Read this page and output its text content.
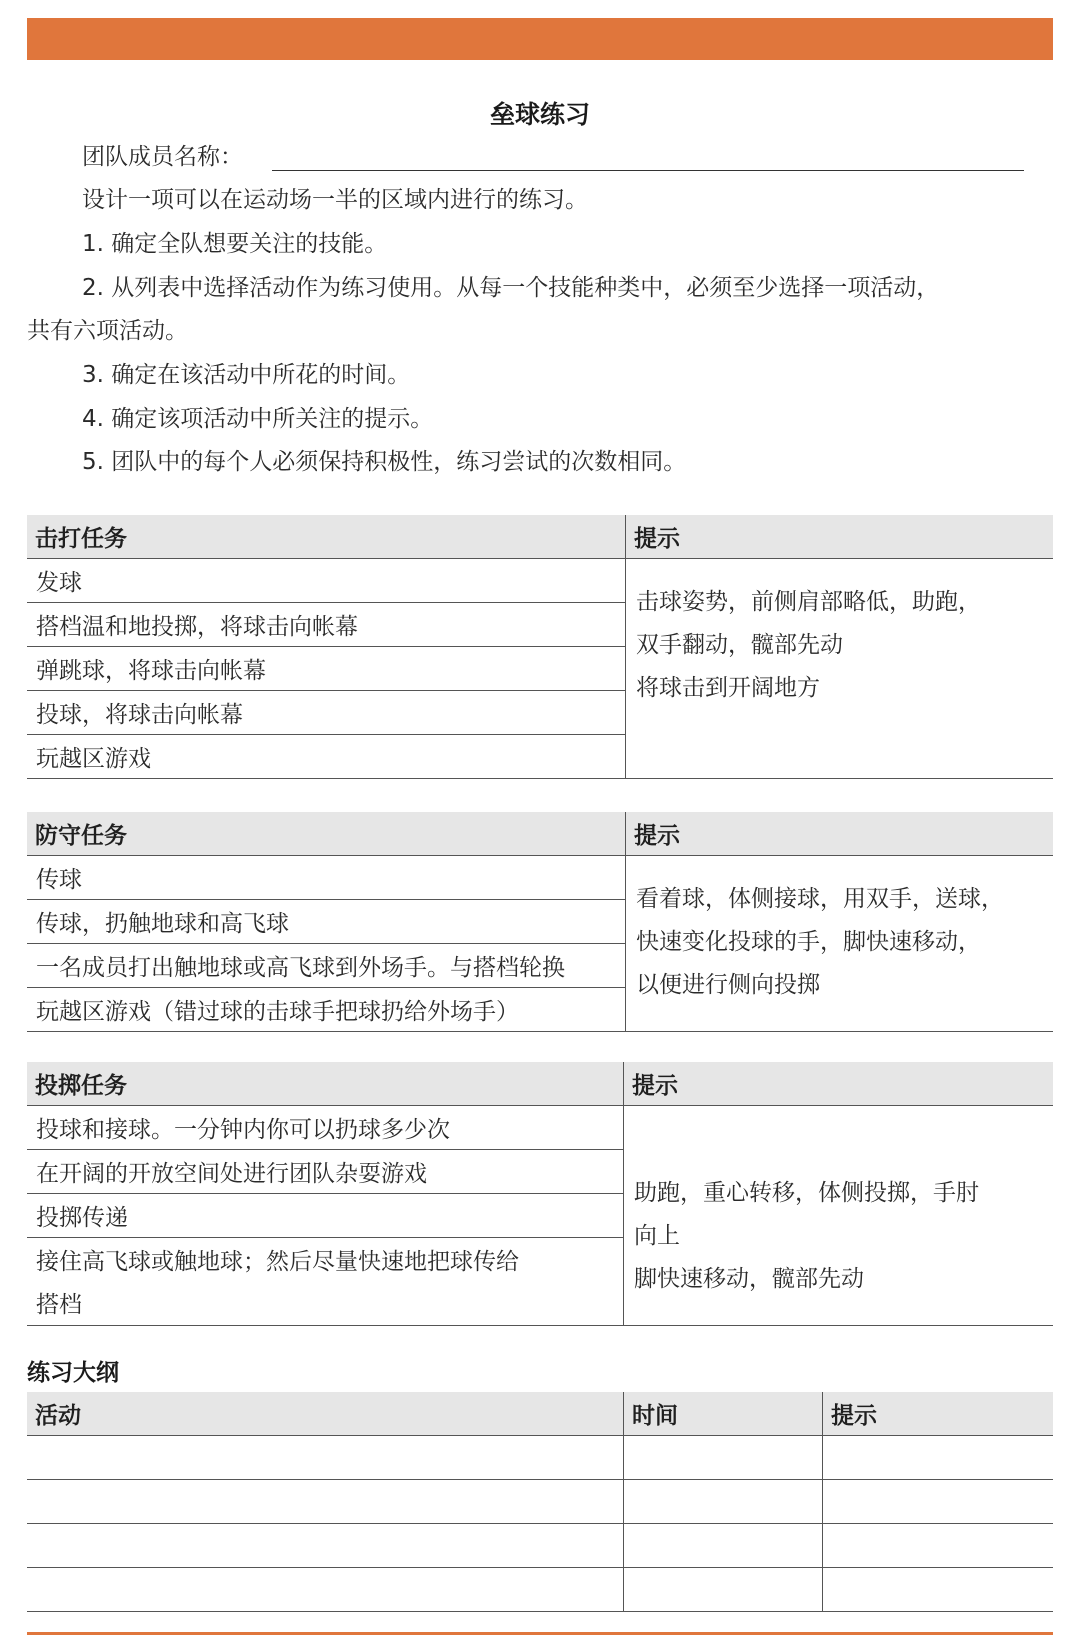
垒球练习
团队成员名称：
设计一项可以在运动场一半的区域内进行的练习。
1. 确定全队想要关注的技能。
2. 从列表中选择活动作为练习使用。从每一个技能种类中，必须至少选择一项活动，
共有六项活动。
3. 确定在该活动中所花的时间。
4. 确定该项活动中所关注的提示。
5. 团队中的每个人必须保持积极性，练习尝试的次数相同。
击打任务	提示
发球
搭档温和地投掷，将球击向帐幕
弹跳球，将球击向帐幕
投球，将球击向帐幕
玩越区游戏
击球姿势，前侧肩部略低，助跑，
双手翻动，髋部先动
将球击到开阔地方
防守任务	提示
传球
传球，扔触地球和高飞球
一名成员打出触地球或高飞球到外场手。与搭档轮换
玩越区游戏（错过球的击球手把球扔给外场手）
看着球，体侧接球，用双手，送球，
快速变化投球的手，脚快速移动，
以便进行侧向投掷
投掷任务	提示
投球和接球。一分钟内你可以扔球多少次
在开阔的开放空间处进行团队杂耍游戏
投掷传递
接住高飞球或触地球；然后尽量快速地把球传给
搭档
助跑，重心转移，体侧投掷，手肘
向上
脚快速移动，髋部先动
练习大纲
活动	时间	提示
